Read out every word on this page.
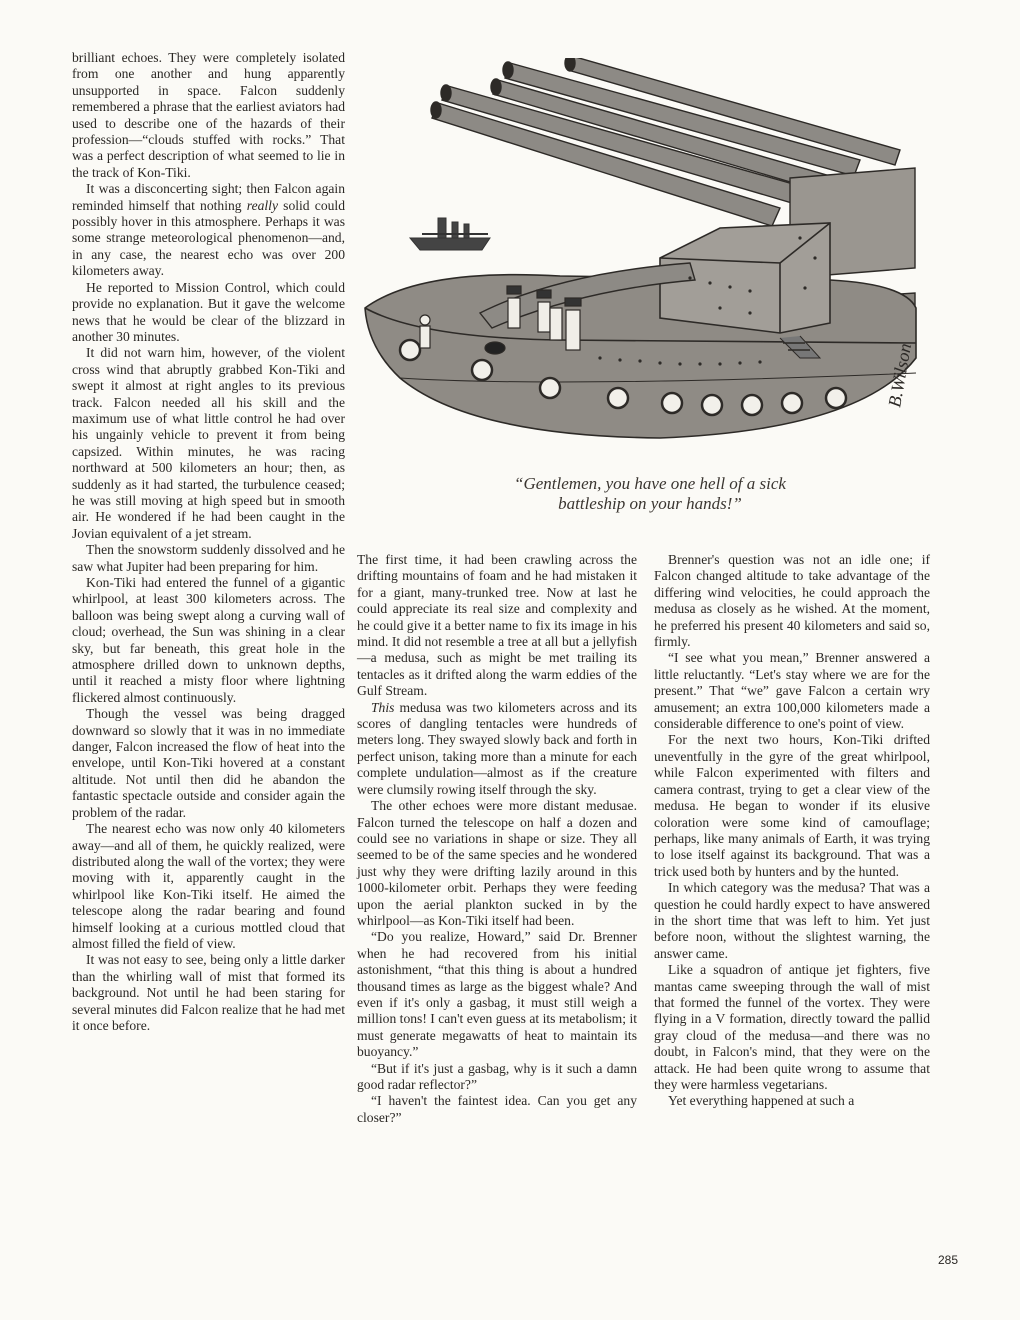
brilliant echoes. They were completely isolated from one another and hung apparently unsupported in space. Falcon suddenly remembered a phrase that the earliest aviators had used to describe one of the hazards of their profession—“clouds stuffed with rocks.” That was a perfect description of what seemed to lie in the track of Kon-Tiki.

It was a disconcerting sight; then Falcon again reminded himself that nothing really solid could possibly hover in this atmosphere. Perhaps it was some strange meteorological phenomenon—and, in any case, the nearest echo was over 200 kilometers away.

He reported to Mission Control, which could provide no explanation. But it gave the welcome news that he would be clear of the blizzard in another 30 minutes.

It did not warn him, however, of the violent cross wind that abruptly grabbed Kon-Tiki and swept it almost at right angles to its previous track. Falcon needed all his skill and the maximum use of what little control he had over his ungainly vehicle to prevent it from being capsized. Within minutes, he was racing northward at 500 kilometers an hour; then, as suddenly as it had started, the turbulence ceased; he was still moving at high speed but in smooth air. He wondered if he had been caught in the Jovian equivalent of a jet stream.

Then the snowstorm suddenly dissolved and he saw what Jupiter had been preparing for him.

Kon-Tiki had entered the funnel of a gigantic whirlpool, at least 300 kilometers across. The balloon was being swept along a curving wall of cloud; overhead, the Sun was shining in a clear sky, but far beneath, this great hole in the atmosphere drilled down to unknown depths, until it reached a misty floor where lightning flickered almost continuously.

Though the vessel was being dragged downward so slowly that it was in no immediate danger, Falcon increased the flow of heat into the envelope, until Kon-Tiki hovered at a constant altitude. Not until then did he abandon the fantastic spectacle outside and consider again the problem of the radar.

The nearest echo was now only 40 kilometers away—and all of them, he quickly realized, were distributed along the wall of the vortex; they were moving with it, apparently caught in the whirlpool like Kon-Tiki itself. He aimed the telescope along the radar bearing and found himself looking at a curious mottled cloud that almost filled the field of view.

It was not easy to see, being only a little darker than the whirling wall of mist that formed its background. Not until he had been staring for several minutes did Falcon realize that he had met it once before.

B.Wilson
“Gentlemen, you have one hell of a sick
battleship on your hands!”

The first time, it had been crawling across the drifting mountains of foam and he had mistaken it for a giant, many-trunked tree. Now at last he could appreciate its real size and complexity and he could give it a better name to fix its image in his mind. It did not resemble a tree at all but a jellyfish—a medusa, such as might be met trailing its tentacles as it drifted along the warm eddies of the Gulf Stream.

This medusa was two kilometers across and its scores of dangling tentacles were hundreds of meters long. They swayed slowly back and forth in perfect unison, taking more than a minute for each complete undulation—almost as if the creature were clumsily rowing itself through the sky.

The other echoes were more distant medusae. Falcon turned the telescope on half a dozen and could see no variations in shape or size. They all seemed to be of the same species and he wondered just why they were drifting lazily around in this 1000-kilometer orbit. Perhaps they were feeding upon the aerial plankton sucked in by the whirlpool—as Kon-Tiki itself had been.

“Do you realize, Howard,” said Dr. Brenner when he had recovered from his initial astonishment, “that this thing is about a hundred thousand times as large as the biggest whale? And even if it's only a gasbag, it must still weigh a million tons! I can't even guess at its metabolism; it must generate megawatts of heat to maintain its buoyancy.”

“But if it's just a gasbag, why is it such a damn good radar reflector?”

“I haven't the faintest idea. Can you get any closer?”

Brenner's question was not an idle one; if Falcon changed altitude to take advantage of the differing wind velocities, he could approach the medusa as closely as he wished. At the moment, he preferred his present 40 kilometers and said so, firmly.

“I see what you mean,” Brenner answered a little reluctantly. “Let's stay where we are for the present.” That “we” gave Falcon a certain wry amusement; an extra 100,000 kilometers made a considerable difference to one's point of view.

For the next two hours, Kon-Tiki drifted uneventfully in the gyre of the great whirlpool, while Falcon experimented with filters and camera contrast, trying to get a clear view of the medusa. He began to wonder if its elusive coloration were some kind of camouflage; perhaps, like many animals of Earth, it was trying to lose itself against its background. That was a trick used both by hunters and by the hunted.

In which category was the medusa? That was a question he could hardly expect to have answered in the short time that was left to him. Yet just before noon, without the slightest warning, the answer came.

Like a squadron of antique jet fighters, five mantas came sweeping through the wall of mist that formed the funnel of the vortex. They were flying in a V formation, directly toward the pallid gray cloud of the medusa—and there was no doubt, in Falcon's mind, that they were on the attack. He had been quite wrong to assume that they were harmless vegetarians.

Yet everything happened at such a

285
